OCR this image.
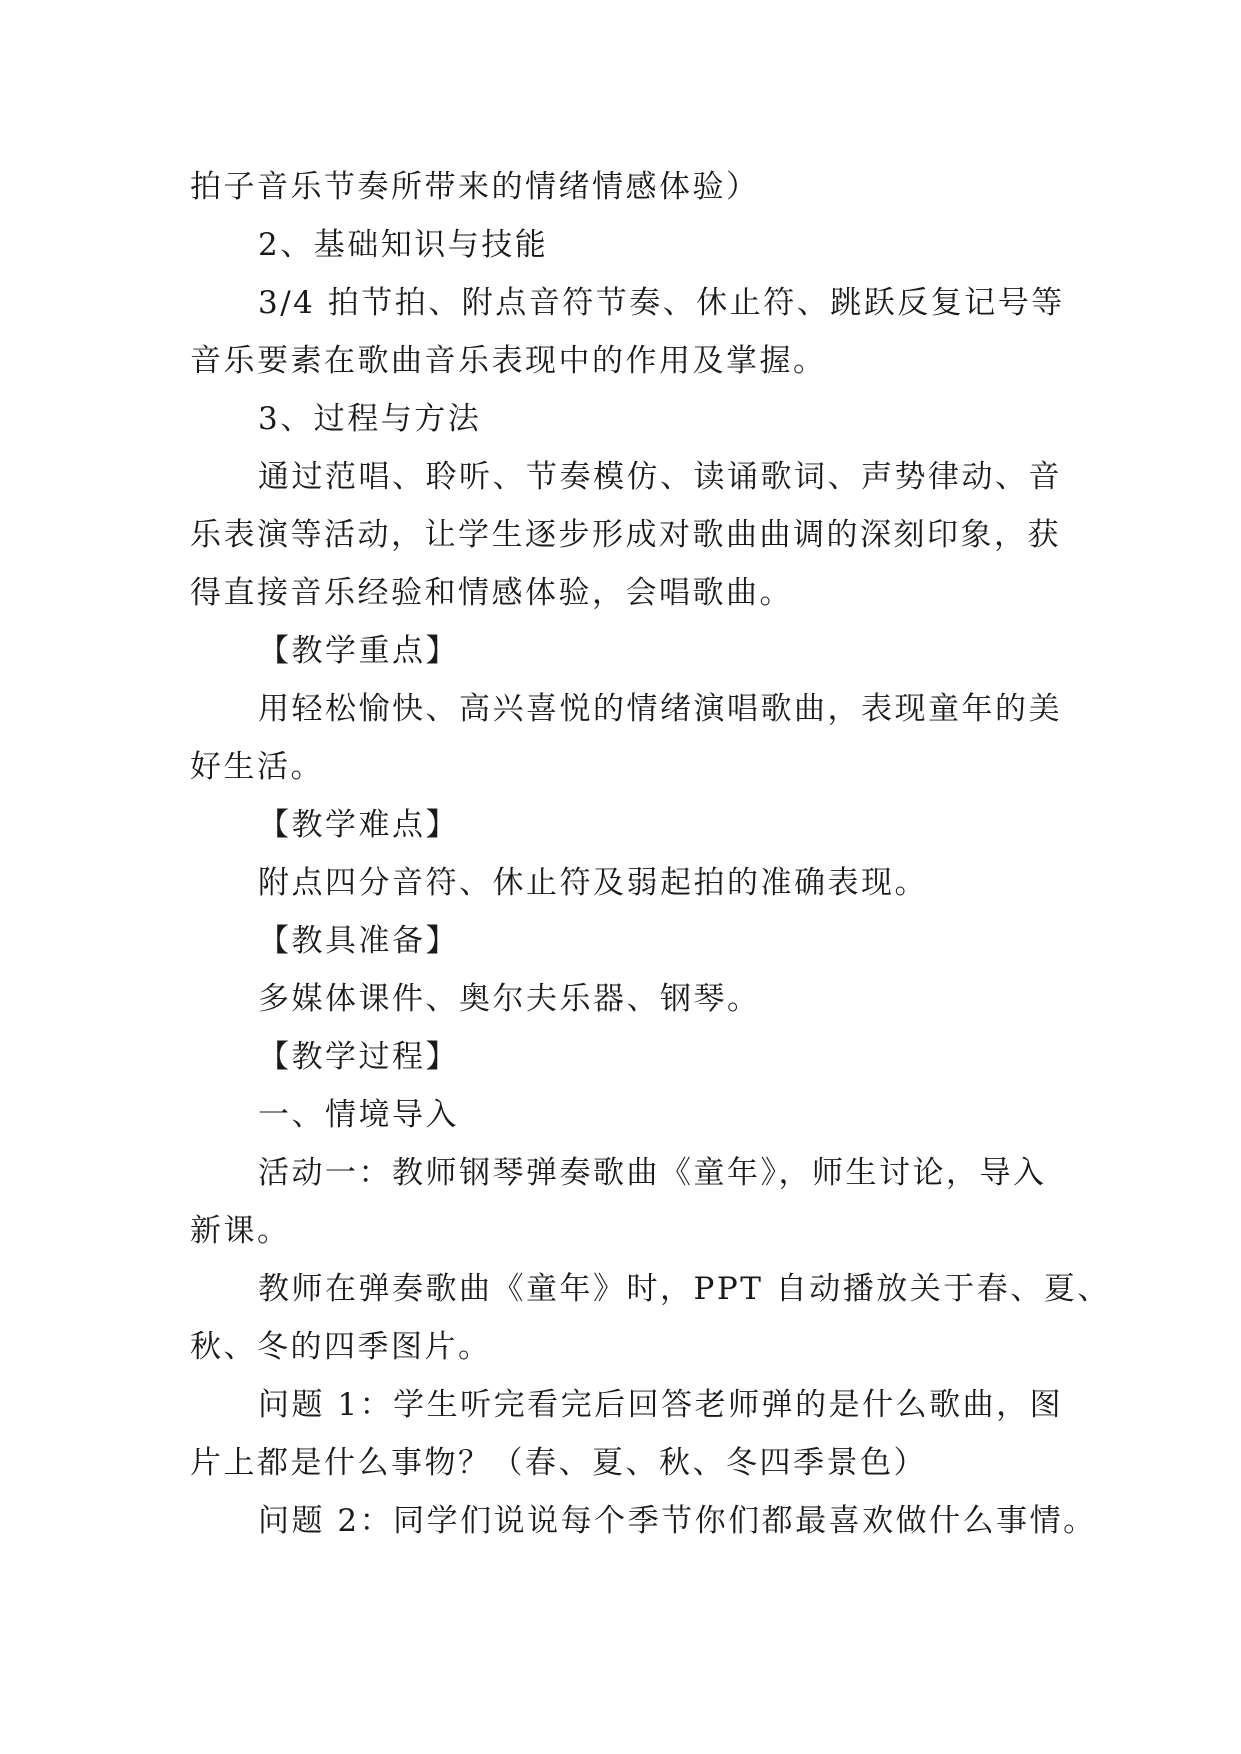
拍子音乐节奏所带来的情绪情感体验）
2、基础知识与技能
3/4 拍节拍、附点音符节奏、休止符、跳跃反复记号等
音乐要素在歌曲音乐表现中的作用及掌握。
3、过程与方法
通过范唱、聆听、节奏模仿、读诵歌词、声势律动、音
乐表演等活动，让学生逐步形成对歌曲曲调的深刻印象，获
得直接音乐经验和情感体验，会唱歌曲。
【教学重点】
用轻松愉快、高兴喜悦的情绪演唱歌曲，表现童年的美
好生活。
【教学难点】
附点四分音符、休止符及弱起拍的准确表现。
【教具准备】
多媒体课件、奥尔夫乐器、钢琴。
【教学过程】
一、情境导入
活动一：教师钢琴弹奏歌曲《童年》，师生讨论，导入
新课。
教师在弹奏歌曲《童年》时，PPT 自动播放关于春、夏、
秋、冬的四季图片。
问题 1：学生听完看完后回答老师弹的是什么歌曲，图
片上都是什么事物？（春、夏、秋、冬四季景色）
问题 2：同学们说说每个季节你们都最喜欢做什么事情。
